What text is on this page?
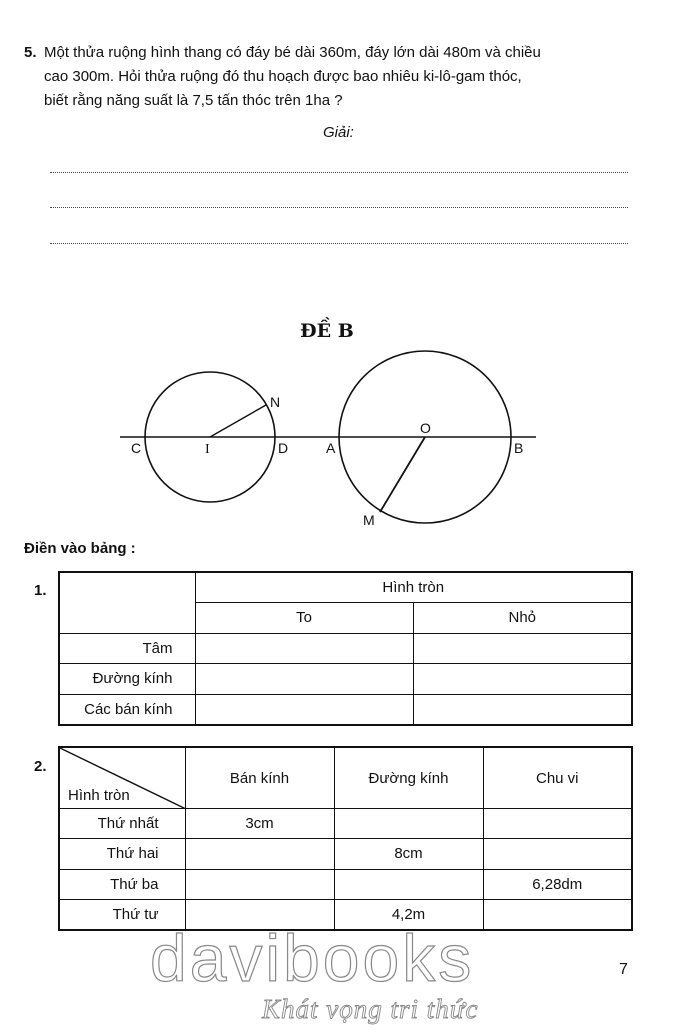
5. Một thửa ruộng hình thang có đáy bé dài 360m, đáy lớn dài 480m và chiều
cao 300m. Hỏi thửa ruộng đó thu hoạch được bao nhiêu ki-lô-gam thóc,
biết rằng năng suất là 7,5 tấn thóc trên 1ha ?
Giải:
ĐỀ B
C	I	D
N
A
O
B
M
Điền vào bảng :
1.
		Hình tròn	
	To	Nhỏ
Tâm		
Đường kính		
Các bán kính		
2.
Hình tròn	Bán kính	Đường kính	Chu vi
Thứ nhất	3cm		
Thứ hai		8cm	
Thứ ba			6,28dm
Thứ tư		4,2m	
7
davibooks
Khát vọng tri thức
